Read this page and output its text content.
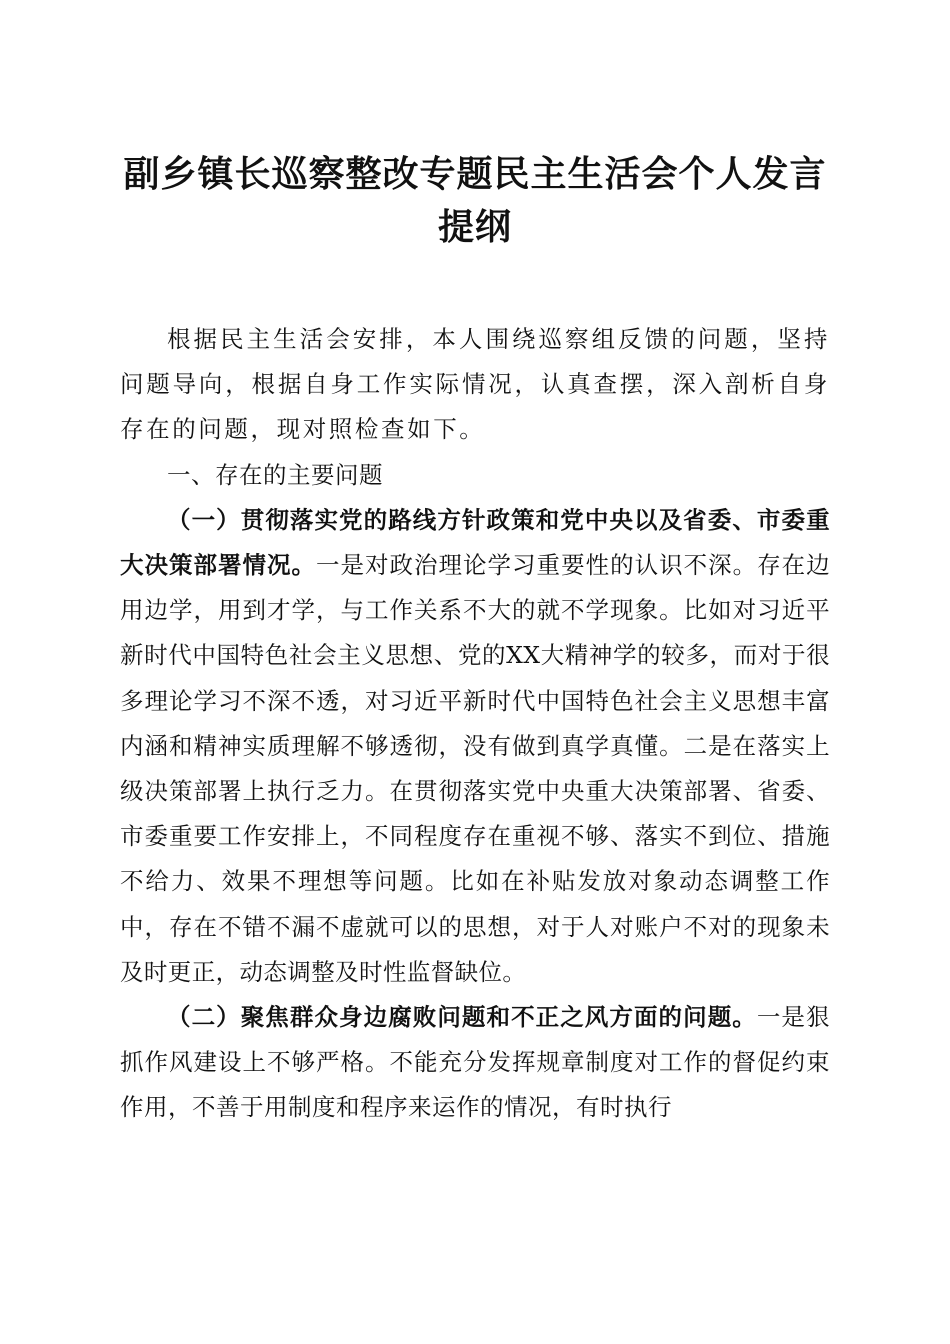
副乡镇长巡察整改专题民主生活会个人发言提纲

根据民主生活会安排，本人围绕巡察组反馈的问题，坚持问题导向，根据自身工作实际情况，认真查摆，深入剖析自身存在的问题，现对照检查如下。

一、存在的主要问题

（一）贯彻落实党的路线方针政策和党中央以及省委、市委重大决策部署情况。一是对政治理论学习重要性的认识不深。存在边用边学，用到才学，与工作关系不大的就不学现象。比如对习近平新时代中国特色社会主义思想、党的XX大精神学的较多，而对于很多理论学习不深不透，对习近平新时代中国特色社会主义思想丰富内涵和精神实质理解不够透彻，没有做到真学真懂。二是在落实上级决策部署上执行乏力。在贯彻落实党中央重大决策部署、省委、市委重要工作安排上，不同程度存在重视不够、落实不到位、措施不给力、效果不理想等问题。比如在补贴发放对象动态调整工作中，存在不错不漏不虚就可以的思想，对于人对账户不对的现象未及时更正，动态调整及时性监督缺位。

（二）聚焦群众身边腐败问题和不正之风方面的问题。一是狠抓作风建设上不够严格。不能充分发挥规章制度对工作的督促约束作用，不善于用制度和程序来运作的情况，有时执行
